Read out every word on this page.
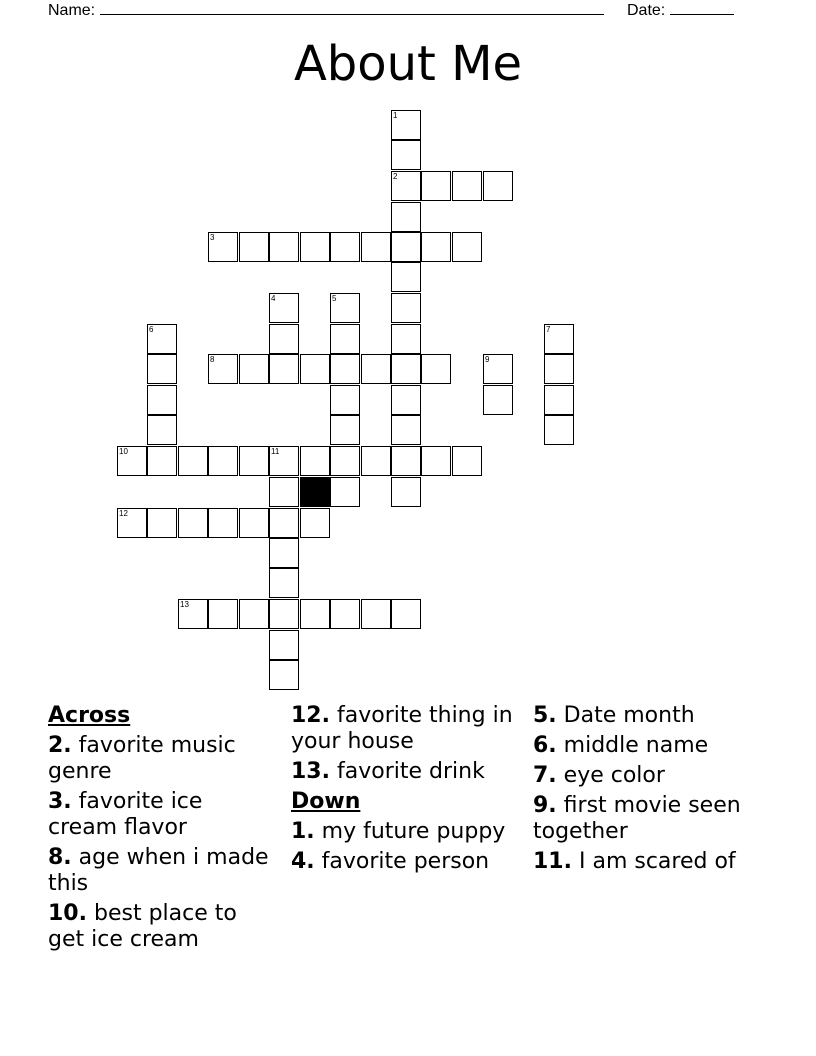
Name:	Date:
About Me
1
2
3
4	5
6	7
8	9
10	11
12
13
Across
2. favorite music genre
3. favorite ice cream flavor
8. age when i made this
10. best place to get ice cream
12. favorite thing in your house
13. favorite drink
Down
1. my future puppy
4. favorite person
5. Date month
6. middle name
7. eye color
9. first movie seen together
11. I am scared of
